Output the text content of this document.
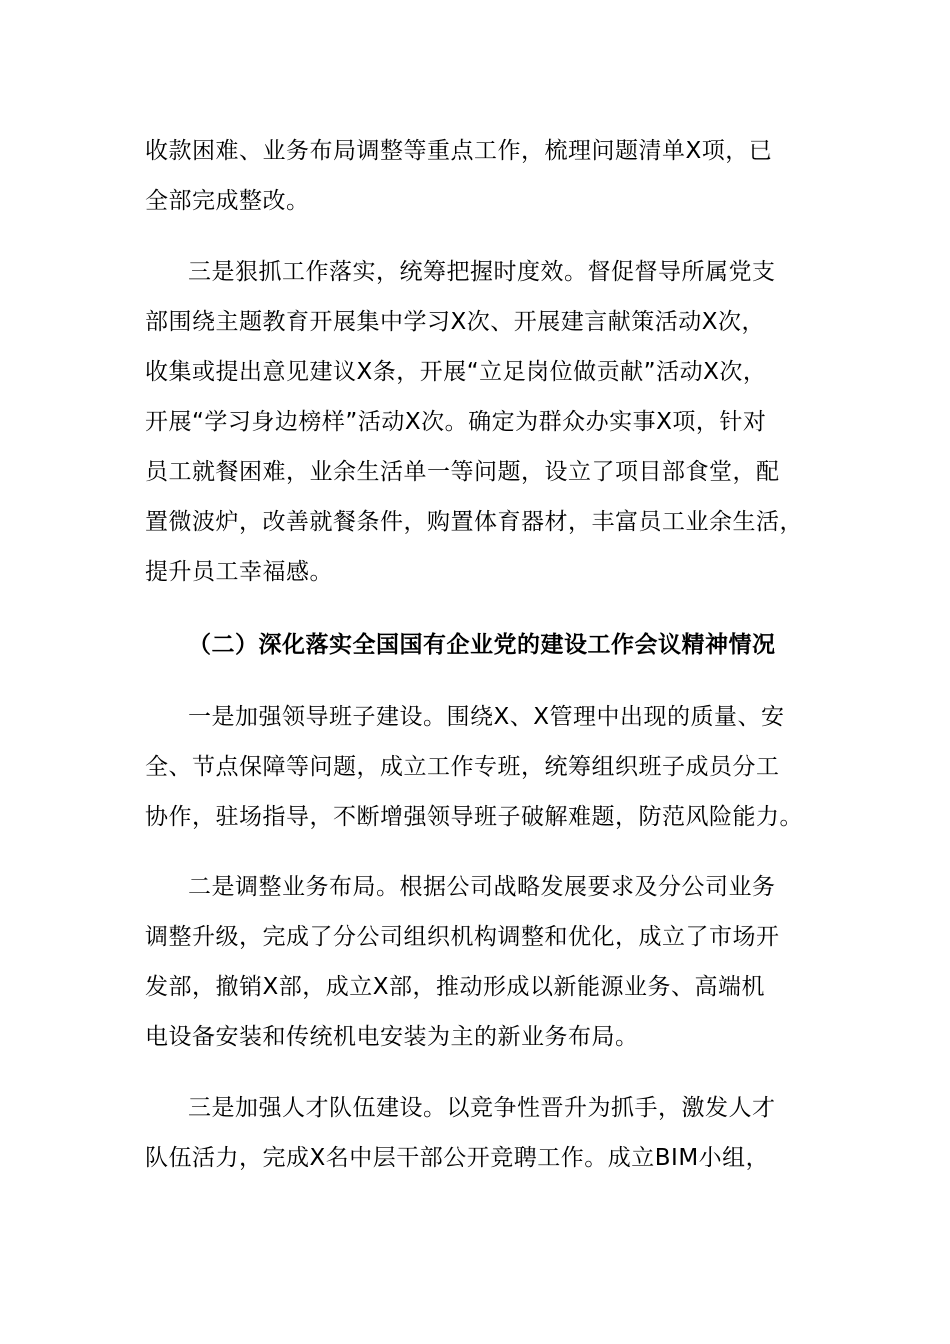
收款困难、业务布局调整等重点工作，梳理问题清单X项，已
全部完成整改。
三是狠抓工作落实，统筹把握时度效。督促督导所属党支
部围绕主题教育开展集中学习X次、开展建言献策活动X次，
收集或提出意见建议X条，开展“立足岗位做贡献”活动X次，
开展“学习身边榜样”活动X次。确定为群众办实事X项，针对
员工就餐困难，业余生活单一等问题，设立了项目部食堂，配
置微波炉，改善就餐条件，购置体育器材，丰富员工业余生活，
提升员工幸福感。
（二）深化落实全国国有企业党的建设工作会议精神情况
一是加强领导班子建设。围绕X、X管理中出现的质量、安
全、节点保障等问题，成立工作专班，统筹组织班子成员分工
协作，驻场指导，不断增强领导班子破解难题，防范风险能力。
二是调整业务布局。根据公司战略发展要求及分公司业务
调整升级，完成了分公司组织机构调整和优化，成立了市场开
发部，撤销X部，成立X部，推动形成以新能源业务、高端机
电设备安装和传统机电安装为主的新业务布局。
三是加强人才队伍建设。以竞争性晋升为抓手，激发人才
队伍活力，完成X名中层干部公开竞聘工作。成立BIM小组，
